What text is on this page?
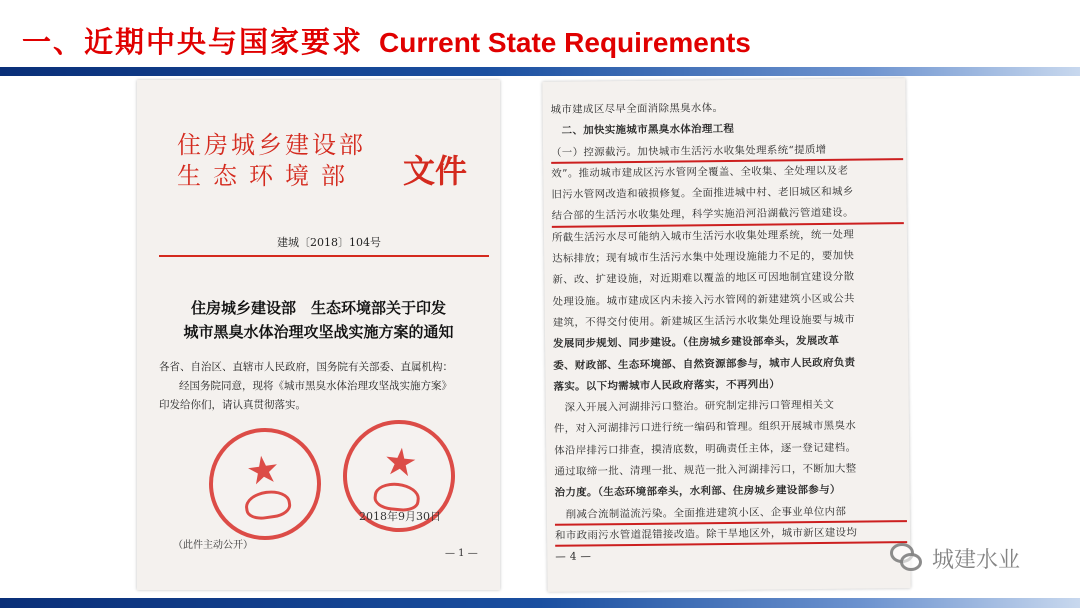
一、近期中央与国家要求 Current State Requirements
住房城乡建设部
生态环境部 文件
建城〔2018〕104号
住房城乡建设部　生态环境部关于印发
城市黑臭水体治理攻坚战实施方案的通知
各省、自治区、直辖市人民政府，国务院有关部委、直属机构：
经国务院同意，现将《城市黑臭水体治理攻坚战实施方案》
印发给你们，请认真贯彻落实。
★	★
2018年9月30日
（此件主动公开）
— 1 —
城市建成区尽早全面消除黑臭水体。
　二、加快实施城市黑臭水体治理工程
（一）控源截污。加快城市生活污水收集处理系统“提质增
效”。推动城市建成区污水管网全覆盖、全收集、全处理以及老
旧污水管网改造和破损修复。全面推进城中村、老旧城区和城乡
结合部的生活污水收集处理，科学实施沿河沿湖截污管道建设。
所截生活污水尽可能纳入城市生活污水收集处理系统，统一处理
达标排放；现有城市生活污水集中处理设施能力不足的，要加快
新、改、扩建设施，对近期难以覆盖的地区可因地制宜建设分散
处理设施。城市建成区内未接入污水管网的新建建筑小区或公共
建筑，不得交付使用。新建城区生活污水收集处理设施要与城市
发展同步规划、同步建设。（住房城乡建设部牵头，发展改革
委、财政部、生态环境部、自然资源部参与，城市人民政府负责
落实。以下均需城市人民政府落实，不再列出）
　深入开展入河湖排污口整治。研究制定排污口管理相关文
件，对入河湖排污口进行统一编码和管理。组织开展城市黑臭水
体沿岸排污口排查，摸清底数，明确责任主体，逐一登记建档。
通过取缔一批、清理一批、规范一批入河湖排污口，不断加大整
治力度。（生态环境部牵头，水利部、住房城乡建设部参与）
　削减合流制溢流污染。全面推进建筑小区、企事业单位内部
和市政雨污水管道混错接改造。除干旱地区外，城市新区建设均
— 4 —	城建水业
